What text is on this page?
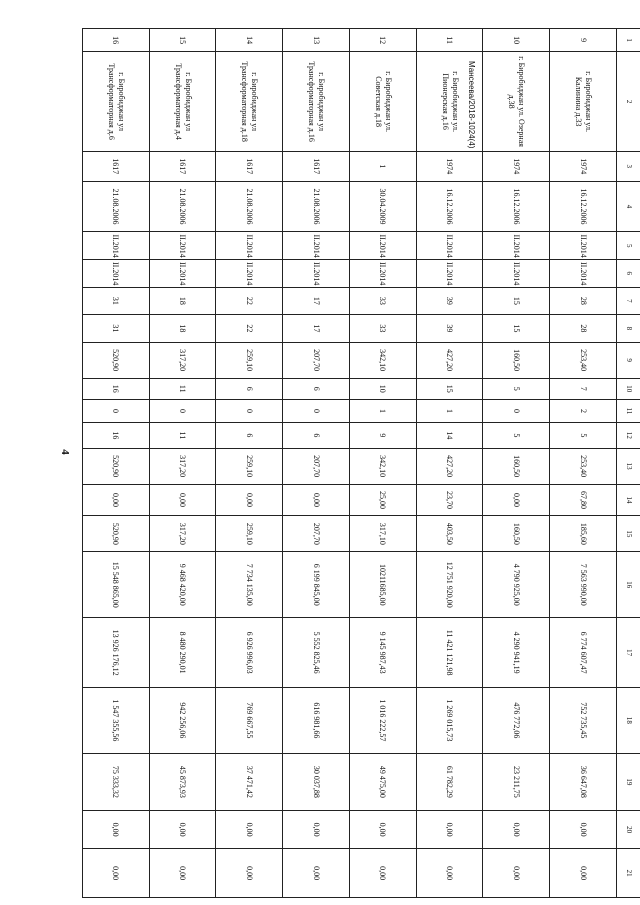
4
Мансеева/2018-1024(4)
1	2	3	4	5	6	7	8	9	10	11	12	13	14	15	16	17	18	19	20	21
9	г. Биробиджан ул. Калинина д.33	1974	16.12.2006	II.2014	II.2014	28	28	253,40	7	2	5	253,40	67,80	185,60	7 563 990,00	6 774 607,47	752 735,45	36 647,08	0,00	0,00
10	г. Биробиджан ул. Озерная д.38	1974	16.12.2006	II.2014	II.2014	15	15	160,50	5	0	5	160,50	0,00	160,50	4 790 925,00	4 290 941,19	476 772,06	23 211,75	0,00	0,00
11	г. Биробиджан ул. Пионерская д.16	1974	16.12.2006	II.2014	II.2014	39	39	427,20	15	1	14	427,20	23,70	403,50	12 751 920,00	11 421 121,98	1 269 015,73	61 782,29	0,00	0,00
12	г. Биробиджан ул. Советская д.18	1	30.04.2009	II.2014	II.2014	33	33	342,10	10	1	9	342,10	25,00	317,10	10211685,00	9 145 987,43	1 016 222,57	49 475,00	0,00	0,00
13	г. Биробиджан ул Трансформаторная д.16	1617	21.08.2006	II.2014	II.2014	17	17	207,70	6	0	6	207,70	0,00	207,70	6 199 845,00	5 552 825,46	616 981,66	30 037,88	0,00	0,00
14	г. Биробиджан ул Трансформаторная д.18	1617	21.08.2006	II.2014	II.2014	22	22	259,10	6	0	6	259,10	0,00	259,10	7 734 135,00	6 926 996,03	769 667,55	37 471,42	0,00	0,00
15	г. Биробиджан ул Трансформаторная д.4	1617	21.08.2006	II.2014	II.2014	18	18	317,20	11	0	11	317,20	0,00	317,20	9 468 420,00	8 480 290,01	942 256,06	45 873,93	0,00	0,00
16	г. Биробиджан ул Трансформаторная д.6	1617	21.08.2006	II.2014	II.2014	31	31	520,90	16	0	16	520,90	0,00	520,90	15 548 865,00	13 926 176,12	1 547 355,56	75 333,32	0,00	0,00
